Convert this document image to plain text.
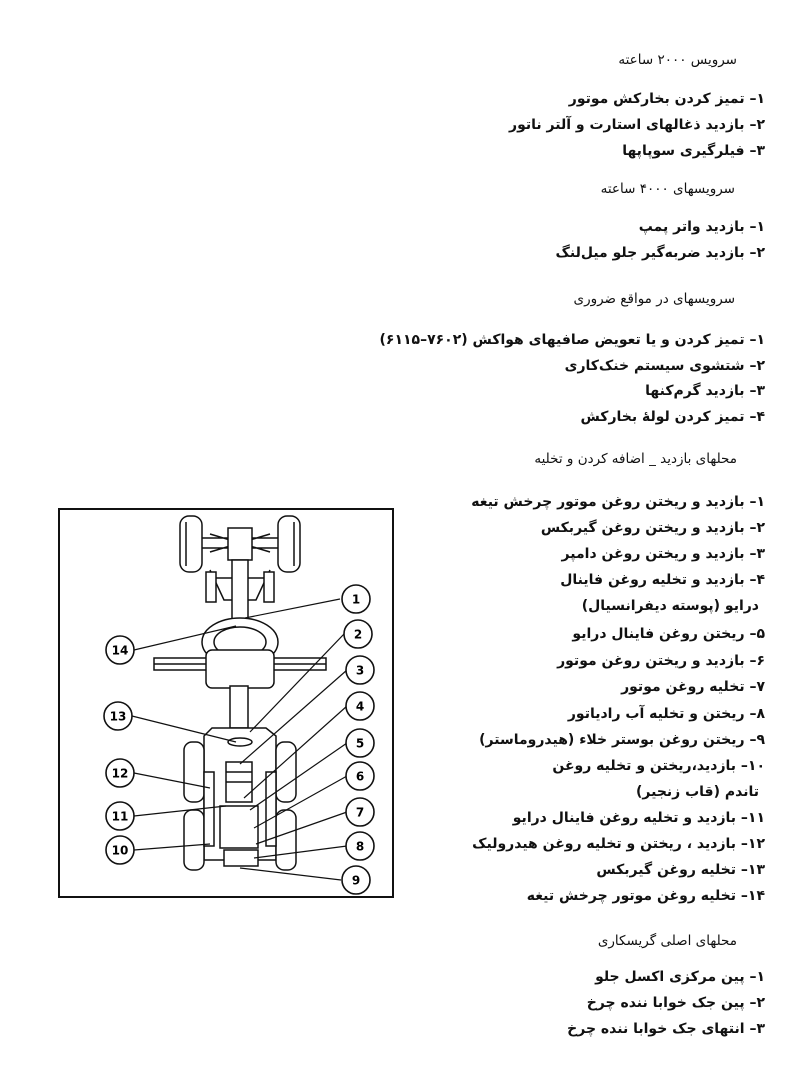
سرویس ۲۰۰۰ ساعته
۱– تمیز کردن بخارکش موتور
۲– بازدید ذغالهای استارت و آلتر ناتور
۳– فیلرگیری سوپاپها
سرویسهای ۴۰۰۰ ساعته
۱– بازدید واتر پمپ
۲– بازدید ضربه‌گیر جلو میل‌لنگ
سرویسهای در مواقع ضروری
۱– تمیز کردن و یا تعویض صافیهای هواکش (۷۶۰۲–۶۱۱۵)
۲– شتشوی سیستم خنک‌کاری
۳– بازدید گرم‌کنها
۴– تمیز کردن لوله‌ٔ بخارکش
محلهای بازدید _ اضافه کردن و تخلیه
۱– بازدید و ریختن روغن موتور چرخش تیغه
۲– بازدید و ریختن روغن گیربکس
۳– بازدید و ریختن روغن دامپر
۴– بازدید و تخلیه روغن فاینال
درایو (پوسته دیفرانسیال)
۵– ریختن روغن فاینال درایو
۶– بازدید و ریختن روغن موتور
۷– تخلیه روغن موتور
۸– ریختن و تخلیه آب رادیاتور
۹– ریختن روغن بوستر خلاء (هیدروماستر)
۱۰– بازدید،ریختن و تخلیه روغن
تاندم (قاب زنجیر)
۱۱– بازدید و تخلیه روغن فاینال درایو
۱۲– بازدید ، ریختن و تخلیه روغن هیدرولیک
۱۳– تخلیه روغن گیربکس
۱۴– تخلیه روغن موتور چرخش تیغه
محلهای اصلی گریسکاری
۱– پین مرکزی اکسل جلو
۲– پین جک خوابا ننده چرخ
۳– انتهای جک خوابا ننده چرخ
1
2
3
4
5
6
7
8
9
10
11
12
13
14
